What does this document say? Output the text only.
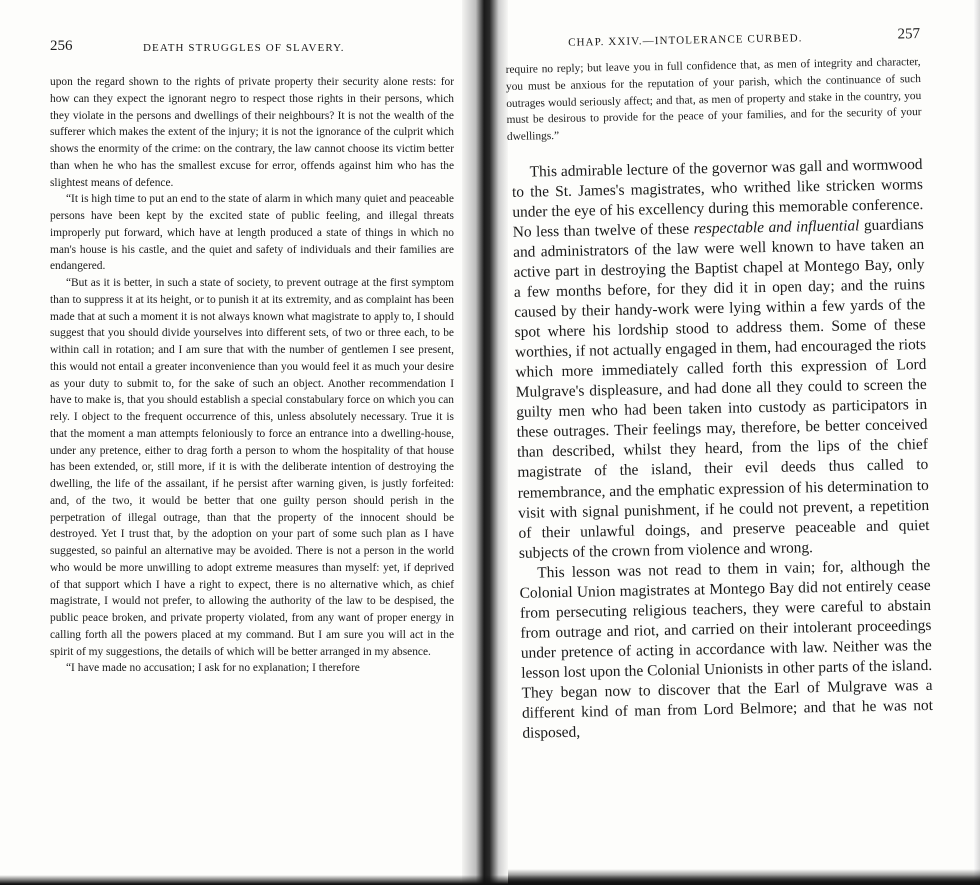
256	DEATH STRUGGLES OF SLAVERY.

upon the regard shown to the rights of private property their security alone rests: for how can they expect the ignorant negro to respect those rights in their persons, which they violate in the persons and dwellings of their neighbours? It is not the wealth of the sufferer which makes the extent of the injury; it is not the ignorance of the culprit which shows the enormity of the crime: on the contrary, the law cannot choose its victim better than when he who has the smallest excuse for error, offends against him who has the slightest means of defence.

“It is high time to put an end to the state of alarm in which many quiet and peaceable persons have been kept by the excited state of public feeling, and illegal threats improperly put forward, which have at length produced a state of things in which no man's house is his castle, and the quiet and safety of individuals and their families are endangered.

“But as it is better, in such a state of society, to prevent outrage at the first symptom than to suppress it at its height, or to punish it at its extremity, and as complaint has been made that at such a moment it is not always known what magistrate to apply to, I should suggest that you should divide yourselves into different sets, of two or three each, to be within call in rotation; and I am sure that with the number of gentlemen I see present, this would not entail a greater inconvenience than you would feel it as much your desire as your duty to submit to, for the sake of such an object. Another recommendation I have to make is, that you should establish a special constabulary force on which you can rely. I object to the frequent occurrence of this, unless absolutely necessary. True it is that the moment a man attempts feloniously to force an entrance into a dwelling-house, under any pretence, either to drag forth a person to whom the hospitality of that house has been extended, or, still more, if it is with the deliberate intention of destroying the dwelling, the life of the assailant, if he persist after warning given, is justly forfeited: and, of the two, it would be better that one guilty person should perish in the perpetration of illegal outrage, than that the property of the innocent should be destroyed. Yet I trust that, by the adoption on your part of some such plan as I have suggested, so painful an alternative may be avoided. There is not a person in the world who would be more unwilling to adopt extreme measures than myself: yet, if deprived of that support which I have a right to expect, there is no alternative which, as chief magistrate, I would not prefer, to allowing the authority of the law to be despised, the public peace broken, and private property violated, from any want of proper energy in calling forth all the powers placed at my command. But I am sure you will act in the spirit of my suggestions, the details of which will be better arranged in my absence.

“I have made no accusation; I ask for no explanation; I therefore

CHAP. XXIV.—INTOLERANCE CURBED.	257

require no reply; but leave you in full confidence that, as men of integrity and character, you must be anxious for the reputation of your parish, which the continuance of such outrages would seriously affect; and that, as men of property and stake in the country, you must be desirous to provide for the peace of your families, and for the security of your dwellings.”

This admirable lecture of the governor was gall and wormwood to the St. James's magistrates, who writhed like stricken worms under the eye of his excellency during this memorable conference. No less than twelve of these respectable and influential guardians and administrators of the law were well known to have taken an active part in destroying the Baptist chapel at Montego Bay, only a few months before, for they did it in open day; and the ruins caused by their handy-work were lying within a few yards of the spot where his lordship stood to address them. Some of these worthies, if not actually engaged in them, had encouraged the riots which more immediately called forth this expression of Lord Mulgrave's displeasure, and had done all they could to screen the guilty men who had been taken into custody as participators in these outrages. Their feelings may, therefore, be better conceived than described, whilst they heard, from the lips of the chief magistrate of the island, their evil deeds thus called to remembrance, and the emphatic expression of his determination to visit with signal punishment, if he could not prevent, a repetition of their unlawful doings, and preserve peaceable and quiet subjects of the crown from violence and wrong.

This lesson was not read to them in vain; for, although the Colonial Union magistrates at Montego Bay did not entirely cease from persecuting religious teachers, they were careful to abstain from outrage and riot, and carried on their intolerant proceedings under pretence of acting in accordance with law. Neither was the lesson lost upon the Colonial Unionists in other parts of the island. They began now to discover that the Earl of Mulgrave was a different kind of man from Lord Belmore; and that he was not disposed,
